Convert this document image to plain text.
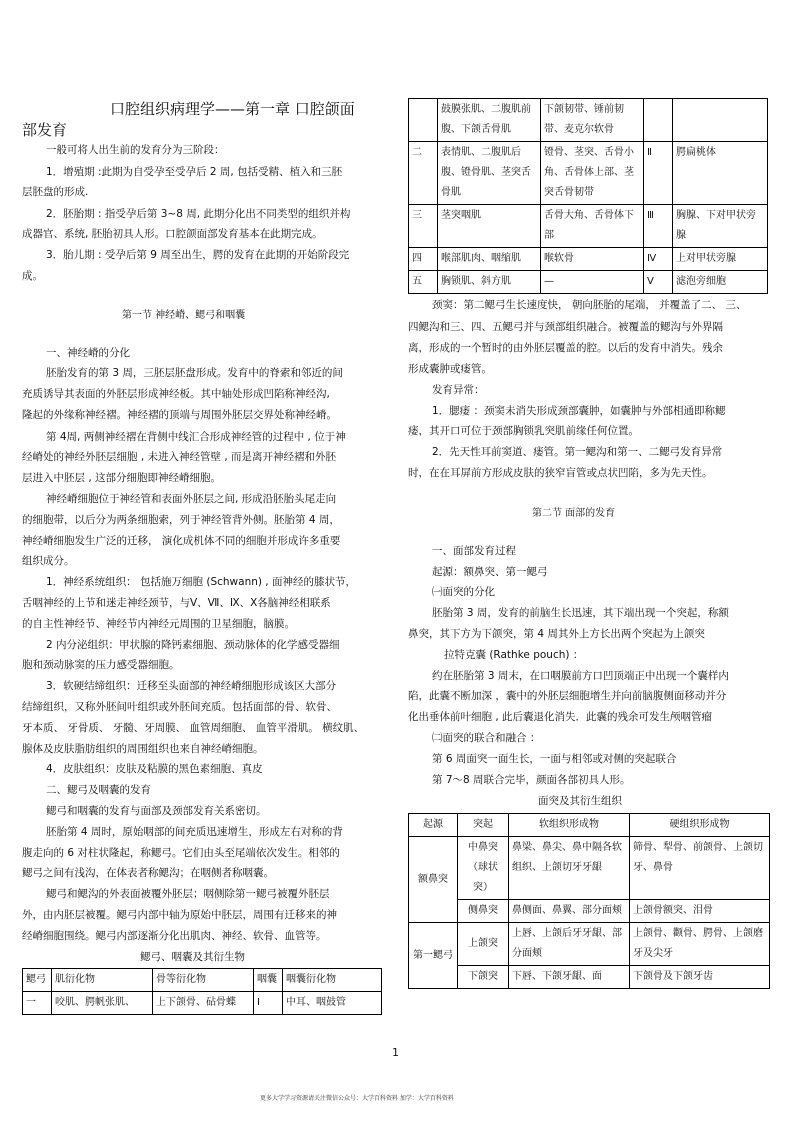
口腔组织病理学——第一章 口腔颌面
部发育
一般可将人出生前的发育分为三阶段：
1．增殖期 :此期为自受孕至受孕后 2 周, 包括受精、植入和三胚
层胚盘的形成.
2．胚胎期 : 指受孕后第 3~8 周, 此期分化出不同类型的组织并构
成器官、系统, 胚胎初具人形。口腔颌面部发育基本在此期完成。
3．胎儿期 : 受孕后第 9 周至出生，腭的发育在此期的开始阶段完
成。
第一节 神经嵴、鳃弓和咽囊
一、神经嵴的分化
胚胎发育的第 3 周，三胚层胚盘形成。发育中的脊索和邻近的间
充质诱导其表面的外胚层形成神经板。其中轴处形成凹陷称神经沟,
隆起的外缘称神经褶。神经褶的顶端与周围外胚层交界处称神经嵴。
第 4周, 两侧神经褶在背侧中线汇合形成神经管的过程中 , 位于神
经嵴处的神经外胚层细胞 , 未进入神经管壁 , 而是离开神经褶和外胚
层进入中胚层 , 这部分细胞即神经嵴细胞。
神经嵴细胞位于神经管和表面外胚层之间, 形成沿胚胎头尾走向
的细胞带，以后分为两条细胞索，列于神经管背外侧。胚胎第 4 周，
神经嵴细胞发生广泛的迁移， 演化成机体不同的细胞并形成许多重要
组织成分。
1．神经系统组织： 包括施万细胞 (Schwann) , 面神经的膝状节，
舌咽神经的上节和迷走神经颈节，与Ⅴ、Ⅶ、Ⅸ、Ⅹ各脑神经相联系
的自主性神经节、神经节内神经元周围的卫星细胞，脑膜。
2 内分泌组织：甲状腺的降钙素细胞、颈动脉体的化学感受器细
胞和颈动脉窦的压力感受器细胞。
3．软硬结缔组织：迁移至头面部的神经嵴细胞形成该区大部分
结缔组织，又称外胚间叶组织或外胚间充质。包括面部的骨、软骨、
牙本质、 牙骨质、 牙髓、牙周膜、 血管周细胞、 血管平滑肌。 横纹肌、
腺体及皮肤脂肪组织的周围组织也来自神经嵴细胞。
4．皮肤组织：皮肤及粘膜的黑色素细胞、真皮
二、鳃弓及咽囊的发育
鳃弓和咽囊的发育与面部及颈部发育关系密切。
胚胎第 4 周时，原始咽部的间充质迅速增生，形成左右对称的背
腹走向的 6 对柱状隆起，称鳃弓。它们由头至尾端依次发生。相邻的
鳃弓之间有浅沟，在体表者称鳃沟；在咽侧者称咽囊。
鳃弓和鳃沟的外表面被覆外胚层；咽侧除第一鳃弓被覆外胚层
外，由内胚层被覆。鳃弓内部中轴为原始中胚层，周围有迁移来的神
经嵴细胞围绕。鳃弓内部逐渐分化出肌肉、神经、软骨、血管等。
鳃弓、咽囊及其衍生物
鳃弓	肌衍化物	骨等衍化物	咽囊	咽囊衍化物
一	咬肌、腭帆张肌、	上下颌骨、砧骨蝶	Ⅰ	中耳、咽鼓管
	鼓膜张肌、二腹肌前腹、下颌舌骨肌	下颌韧带、锤前韧带、麦克尔软骨		
二	表情肌、二腹肌后腹、镫骨肌、茎突舌骨肌	镫骨、茎突、舌骨小角、舌骨体上部、茎突舌骨韧带	Ⅱ	腭扁桃体
三	茎突咽肌	舌骨大角、舌骨体下部	Ⅲ	胸腺、下对甲状旁腺
四	喉部肌肉、咽缩肌	喉软骨	Ⅳ	上对甲状旁腺
五	胸锁肌、斜方肌	—	Ⅴ	滤泡旁细胞
颈窦：第二鳃弓生长速度快， 朝向胚胎的尾端， 并覆盖了二、 三、
四鳃沟和三、四、五鳃弓并与颈部组织融合。被覆盖的鳃沟与外界隔
离，形成的一个暂时的由外胚层覆盖的腔。以后的发育中消失。残余
形成囊肿或瘘管。
发育异常：
1．腮瘘 ：颈窦未消失形成颈部囊肿，如囊肿与外部相通即称鳃
瘘，其开口可位于颈部胸锁乳突肌前缘任何位置。
2．先天性耳前窦道、瘘管。第一鳃沟和第一、二鳃弓发育异常
时，在在耳屏前方形成皮肤的狭窄盲管或点状凹陷，多为先天性。
第二节 面部的发育
一、面部发育过程
起源：额鼻突、第一鳃弓
㈠面突的分化
胚胎第 3 周，发育的前脑生长迅速，其下端出现一个突起，称额
鼻突，其下方为下颌突，第 4 周其外上方长出两个突起为上颌突
拉特克囊 (Rathke pouch) ：
约在胚胎第 3 周末，在口咽膜前方口凹顶端正中出现一个囊样内
陷，此囊不断加深 ，囊中的外胚层细胞增生并向前脑腹侧面移动并分
化出垂体前叶细胞 , 此后囊退化消失．此囊的残余可发生颅咽管瘤
㈡面突的联合和融合 ：
第 6 周面突一面生长，一面与相邻或对侧的突起联合
第 7～8 周联合完毕，颜面各部初具人形。
面突及其衍生组织
起源	突起	软组织形成物	硬组织形成物
额鼻突	中鼻突（球状突）	鼻梁、鼻尖、鼻中隔各软组织、上颌切牙牙龈	筛骨、犁骨、前颌骨、上颌切牙、鼻骨
	侧鼻突	鼻侧面、鼻翼、部分面颊	上颌骨额突、泪骨
第一鳃弓	上颌突	上唇、上颌后牙牙龈、部分面颊	上颌骨、颧骨、腭骨、上颌磨牙及尖牙
	下颌突	下唇、下颌牙龈、面	下颌骨及下颌牙齿
1
更多大学学习资源请关注微信公众号：大学百科资料 加学：大学百科资料
